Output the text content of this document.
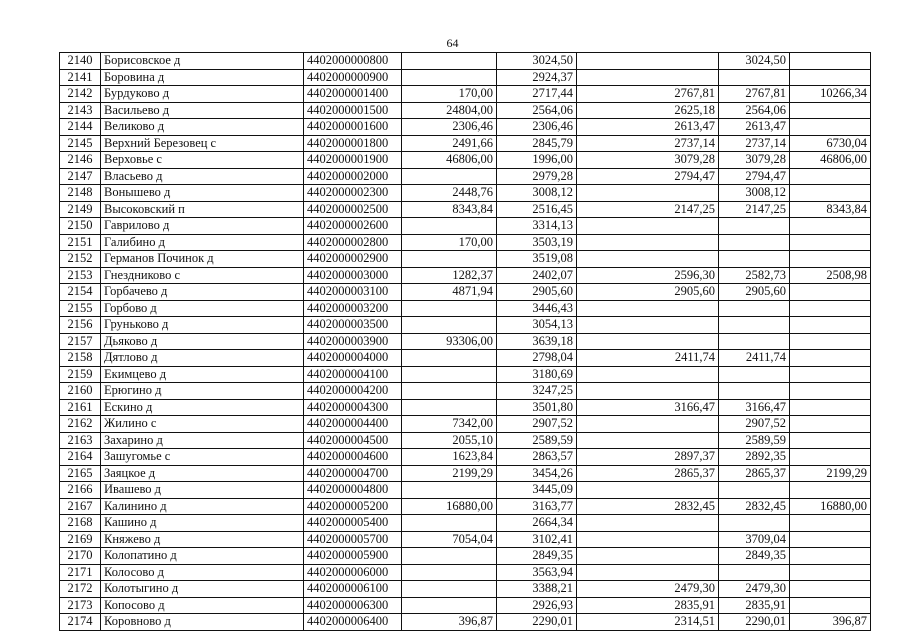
64
2140	Борисовское д	4402000000800		3024,50		3024,50	
2141	Боровина д	4402000000900		2924,37			
2142	Бурдуково д	4402000001400	170,00	2717,44	2767,81	2767,81	10266,34
2143	Васильево д	4402000001500	24804,00	2564,06	2625,18	2564,06	
2144	Великово д	4402000001600	2306,46	2306,46	2613,47	2613,47	
2145	Верхний Березовец с	4402000001800	2491,66	2845,79	2737,14	2737,14	6730,04
2146	Верховье с	4402000001900	46806,00	1996,00	3079,28	3079,28	46806,00
2147	Власьево д	4402000002000		2979,28	2794,47	2794,47	
2148	Вонышево д	4402000002300	2448,76	3008,12		3008,12	
2149	Высоковский п	4402000002500	8343,84	2516,45	2147,25	2147,25	8343,84
2150	Гаврилово д	4402000002600		3314,13			
2151	Галибино д	4402000002800	170,00	3503,19			
2152	Германов Починок д	4402000002900		3519,08			
2153	Гнездниково с	4402000003000	1282,37	2402,07	2596,30	2582,73	2508,98
2154	Горбачево д	4402000003100	4871,94	2905,60	2905,60	2905,60	
2155	Горбово д	4402000003200		3446,43			
2156	Груньково д	4402000003500		3054,13			
2157	Дьяково д	4402000003900	93306,00	3639,18			
2158	Дятлово д	4402000004000		2798,04	2411,74	2411,74	
2159	Екимцево д	4402000004100		3180,69			
2160	Ерюгино д	4402000004200		3247,25			
2161	Ескино д	4402000004300		3501,80	3166,47	3166,47	
2162	Жилино с	4402000004400	7342,00	2907,52		2907,52	
2163	Захарино д	4402000004500	2055,10	2589,59		2589,59	
2164	Зашугомье с	4402000004600	1623,84	2863,57	2897,37	2892,35	
2165	Заяцкое д	4402000004700	2199,29	3454,26	2865,37	2865,37	2199,29
2166	Ивашево д	4402000004800		3445,09			
2167	Калинино д	4402000005200	16880,00	3163,77	2832,45	2832,45	16880,00
2168	Кашино д	4402000005400		2664,34			
2169	Княжево д	4402000005700	7054,04	3102,41		3709,04	
2170	Колопатино д	4402000005900		2849,35		2849,35	
2171	Колосово д	4402000006000		3563,94			
2172	Колотыгино д	4402000006100		3388,21	2479,30	2479,30	
2173	Копосово д	4402000006300		2926,93	2835,91	2835,91	
2174	Коровново д	4402000006400	396,87	2290,01	2314,51	2290,01	396,87
